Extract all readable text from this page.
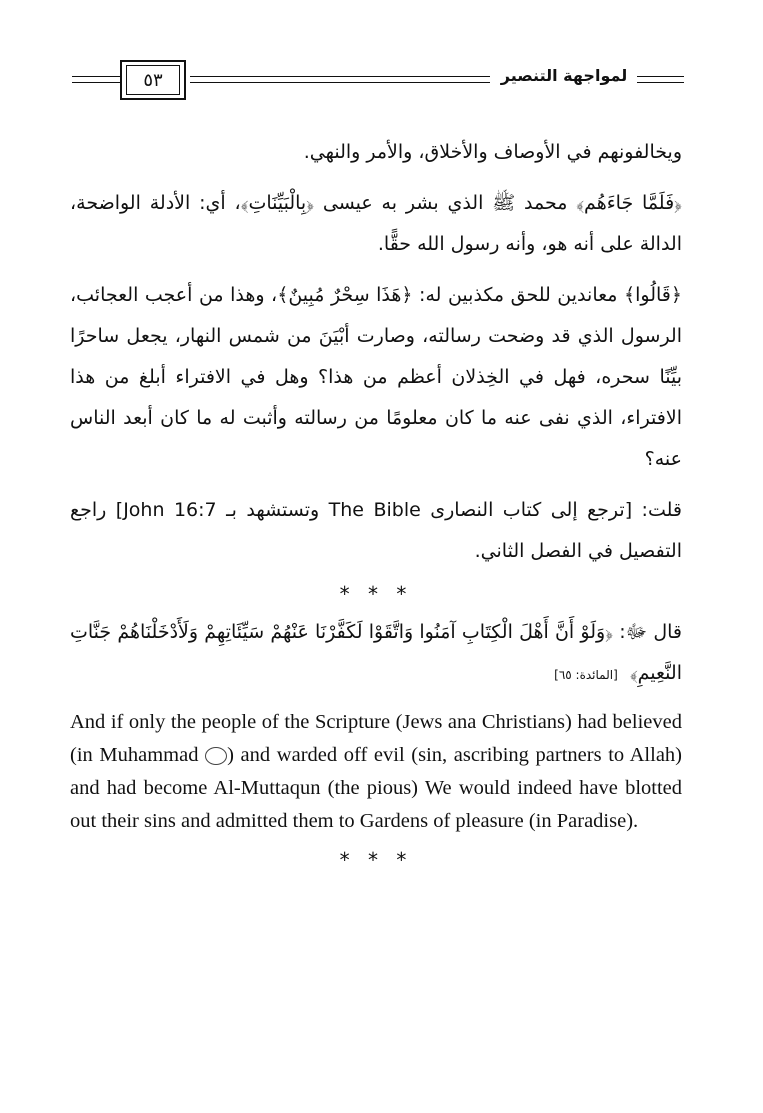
٥٣	لمواجهة التنصير

ويخالفونهم في الأوصاف والأخلاق، والأمر والنهي.

﴿فَلَمَّا جَاءَهُم﴾ محمد ﷺ الذي بشر به عيسى ﴿بِالْبَيِّنَاتِ﴾، أي: الأدلة الواضحة، الدالة على أنه هو، وأنه رسول الله حقًّا.

﴿قَالُوا﴾ معاندين للحق مكذبين له: ﴿هَذَا سِحْرٌ مُبِينٌ﴾، وهذا من أعجب العجائب، الرسول الذي قد وضحت رسالته، وصارت أبْيَنَ من شمس النهار، يجعل ساحرًا بيِّنًا سحره، فهل في الخِذلان أعظم من هذا؟ وهل في الافتراء أبلغ من هذا الافتراء، الذي نفى عنه ما كان معلومًا من رسالته وأثبت له ما كان أبعد الناس عنه؟

قلت: [ترجع إلى كتاب النصارى The Bible وتستشهد بـ John 16:7] راجع التفصيل في الفصل الثاني.

* * *

قال ﷻ: ﴿وَلَوْ أَنَّ أَهْلَ الْكِتَابِ آمَنُوا وَاتَّقَوْا لَكَفَّرْنَا عَنْهُمْ سَيِّئَاتِهِمْ وَلَأَدْخَلْنَاهُمْ جَنَّاتِ النَّعِيمِ﴾ [المائدة: ٦٥]

And if only the people of the Scripture (Jews ana Christians) had believed (in Muhammad ) and warded off evil (sin, ascribing partners to Allah) and had become Al-Muttaqun (the pious) We would indeed have blotted out their sins and admitted them to Gardens of pleasure (in Paradise).

* * *
